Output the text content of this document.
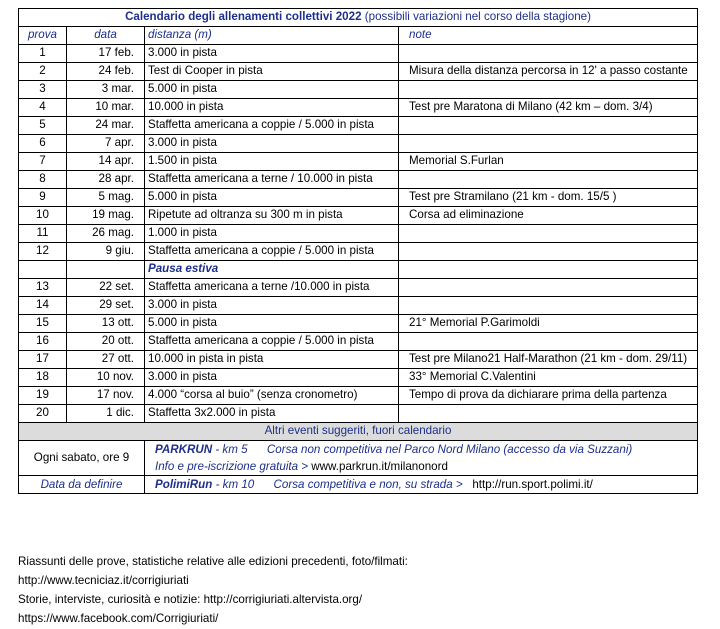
Calendario degli allenamenti collettivi 2022 (possibili variazioni nel corso della stagione)			
prova	data	distanza (m)	note
1	17 feb.	3.000 in pista	
2	24 feb.	Test di Cooper in pista	Misura della distanza percorsa in 12' a passo costante
3	3 mar.	5.000 in pista	
4	10 mar.	10.000 in pista	Test pre Maratona di Milano (42 km – dom. 3/4)
5	24 mar.	Staffetta americana a coppie / 5.000 in pista	
6	7 apr.	3.000 in pista	
7	14 apr.	1.500 in pista	Memorial S.Furlan
8	28 apr.	Staffetta americana a terne / 10.000 in pista	
9	5 mag.	5.000 in pista	Test pre Stramilano (21 km - dom. 15/5 )
10	19 mag.	Ripetute ad oltranza su 300 m in pista	Corsa ad eliminazione
11	26 mag.	1.000 in pista	
12	9 giu.	Staffetta americana a coppie / 5.000 in pista	
		Pausa estiva	
13	22 set.	Staffetta americana a terne /10.000 in pista	
14	29 set.	3.000 in pista	
15	13 ott.	5.000 in pista	21° Memorial P.Garimoldi
16	20 ott.	Staffetta americana a coppie / 5.000 in pista	
17	27 ott.	10.000 in pista in pista	Test pre Milano21 Half-Marathon (21 km - dom. 29/11)
18	10 nov.	3.000 in pista	33° Memorial C.Valentini
19	17 nov.	4.000 “corsa al buio” (senza cronometro)	Tempo di prova da dichiarare prima della partenza
20	1 dic.	Staffetta 3x2.000 in pista	
Altri eventi suggeriti, fuori calendario			
Ogni sabato, ore 9		PARKRUN - km 5 Corsa non competitiva nel Parco Nord Milano (accesso da via Suzzani)
Info e pre-iscrizione gratuita > www.parkrun.it/milanonord	
Data da definire		PolimiRun - km 10 Corsa competitiva e non, su strada > http://run.sport.polimi.it/	
Riassunti delle prove, statistiche relative alle edizioni precedenti, foto/filmati:
http://www.tecniciaz.it/corrigiuriati
Storie, interviste, curiosità e notizie: http://corrigiuriati.altervista.org/
https://www.facebook.com/Corrigiuriati/
